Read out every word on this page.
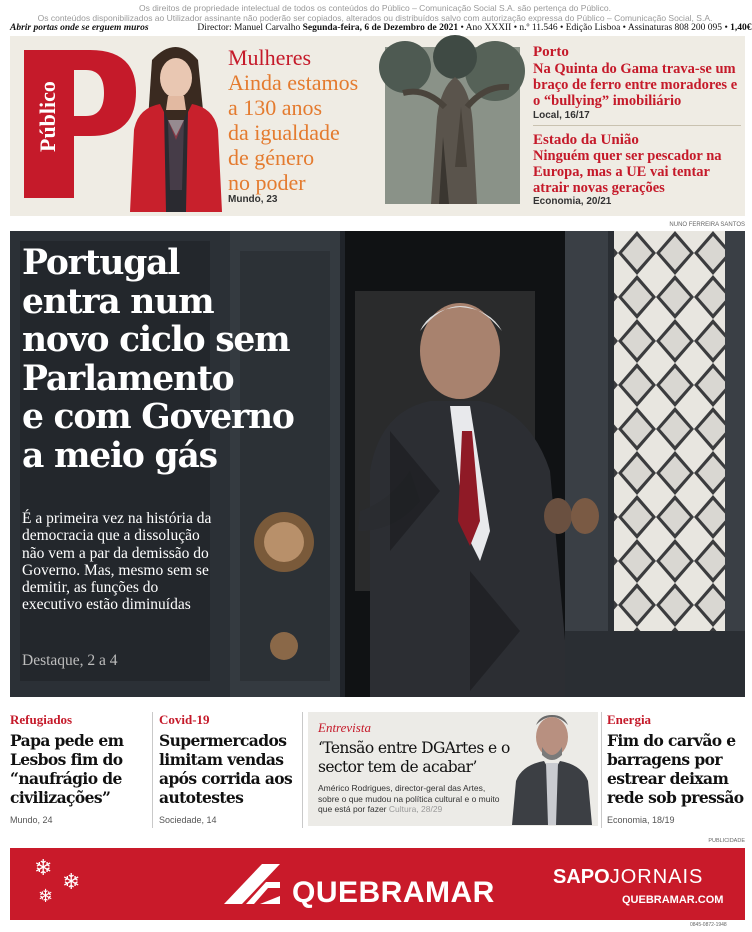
Os direitos de propriedade intelectual de todos os conteúdos do Público – Comunicação Social S.A. são pertença do Público.
Os conteúdos disponibilizados ao Utilizador assinante não poderão ser copiados, alterados ou distribuídos salvo com autorização expressa do Público – Comunicação Social, S.A.
Abrir portas onde se erguem muros	Director: Manuel Carvalho Segunda-feira, 6 de Dezembro de 2021 • Ano XXXII • n.º 11.546 • Edição Lisboa • Assinaturas 808 200 095 • 1,40€
Público
Mulheres
Ainda estamos
a 130 anos
da igualdade
de género
no poder
Mundo, 23
Porto
Na Quinta do Gama trava-se um braço de ferro entre moradores e o “bullying” imobiliário
Local, 16/17
Estado da União
Ninguém quer ser pescador na Europa, mas a UE vai tentar atrair novas gerações
Economia, 20/21
NUNO FERREIRA SANTOS
Portugal
entra num
novo ciclo sem
Parlamento
e com Governo
a meio gás
É a primeira vez na história da democracia que a dissolução não vem a par da demissão do Governo. Mas, mesmo sem se demitir, as funções do executivo estão diminuídas
Destaque, 2 a 4
Refugiados
Papa pede em Lesbos fim do “naufrágio de civilizações”
Mundo, 24
Covid-19
Supermercados limitam vendas após corrida aos autotestes
Sociedade, 14
Entrevista
‘Tensão entre DGArtes e o sector tem de acabar’
Américo Rodrigues, director-geral das Artes, sobre o que mudou na política cultural e o muito que está por fazer Cultura, 28/29
Energia
Fim do carvão e barragens por estrear deixam rede sob pressão
Economia, 18/19
PUBLICIDADE
❄
❄
❄	QUEBRAMAR	SAPOJORNAIS
QUEBRAMAR.COM
0845-0872-1948
